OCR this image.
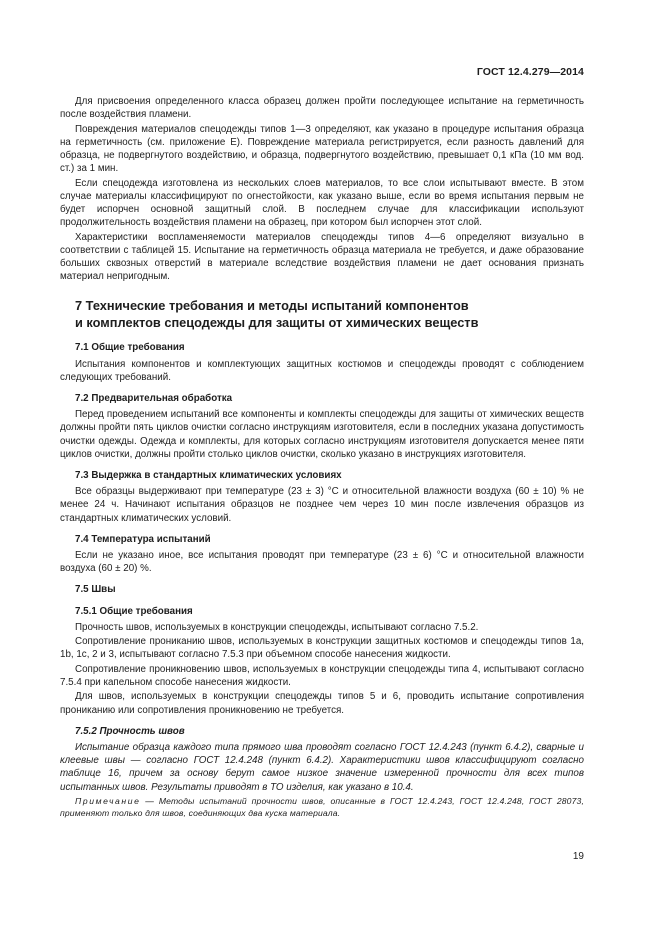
ГОСТ 12.4.279—2014

Для присвоения определенного класса образец должен пройти последующее испытание на герметичность после воздействия пламени.

Повреждения материалов спецодежды типов 1—3 определяют, как указано в процедуре испытания образца на герметичность (см. приложение Е). Повреждение материала регистрируется, если разность давлений для образца, не подвергнутого воздействию, и образца, подвергнутого воздействию, превышает 0,1 кПа (10 мм вод. ст.) за 1 мин.

Если спецодежда изготовлена из нескольких слоев материалов, то все слои испытывают вместе. В этом случае материалы классифицируют по огнестойкости, как указано выше, если во время испытания первым не будет испорчен основной защитный слой. В последнем случае для классификации используют продолжительность воздействия пламени на образец, при котором был испорчен этот слой.

Характеристики воспламеняемости материалов спецодежды типов 4—6 определяют визуально в соответствии с таблицей 15. Испытание на герметичность образца материала не требуется, и даже образование больших сквозных отверстий в материале вследствие воздействия пламени не дает основания признать материал непригодным.

7 Технические требования и методы испытаний компонентов
и комплектов спецодежды для защиты от химических веществ
7.1 Общие требования

Испытания компонентов и комплектующих защитных костюмов и спецодежды проводят с соблюдением следующих требований.

7.2 Предварительная обработка

Перед проведением испытаний все компоненты и комплекты спецодежды для защиты от химических веществ должны пройти пять циклов очистки согласно инструкциям изготовителя, если в последних указана допустимость очистки одежды. Одежда и комплекты, для которых согласно инструкциям изготовителя допускается менее пяти циклов очистки, должны пройти столько циклов очистки, сколько указано в инструкциях изготовителя.

7.3 Выдержка в стандартных климатических условиях

Все образцы выдерживают при температуре (23 ± 3) °С и относительной влажности воздуха (60 ± 10) % не менее 24 ч. Начинают испытания образцов не позднее чем через 10 мин после извлечения образцов из стандартных климатических условий.

7.4 Температура испытаний

Если не указано иное, все испытания проводят при температуре (23 ± 6) °С и относительной влажности воздуха (60 ± 20) %.

7.5 Швы
7.5.1 Общие требования

Прочность швов, используемых в конструкции спецодежды, испытывают согласно 7.5.2.

Сопротивление прониканию швов, используемых в конструкции защитных костюмов и спецодежды типов 1a, 1b, 1c, 2 и 3, испытывают согласно 7.5.3 при объемном способе нанесения жидкости.

Сопротивление проникновению швов, используемых в конструкции спецодежды типа 4, испытывают согласно 7.5.4 при капельном способе нанесения жидкости.

Для швов, используемых в конструкции спецодежды типов 5 и 6, проводить испытание сопротивления прониканию или сопротивления проникновению не требуется.

7.5.2 Прочность швов

Испытание образца каждого типа прямого шва проводят согласно ГОСТ 12.4.243 (пункт 6.4.2), сварные и клеевые швы — согласно ГОСТ 12.4.248 (пункт 6.4.2). Характеристики швов классифицируют согласно таблице 16, причем за основу берут самое низкое значение измеренной прочности для всех типов испытанных швов. Результаты приводят в ТО изделия, как указано в 10.4.

Примечание — Методы испытаний прочности швов, описанные в ГОСТ 12.4.243, ГОСТ 12.4.248, ГОСТ 28073, применяют только для швов, соединяющих два куска материала.

19
